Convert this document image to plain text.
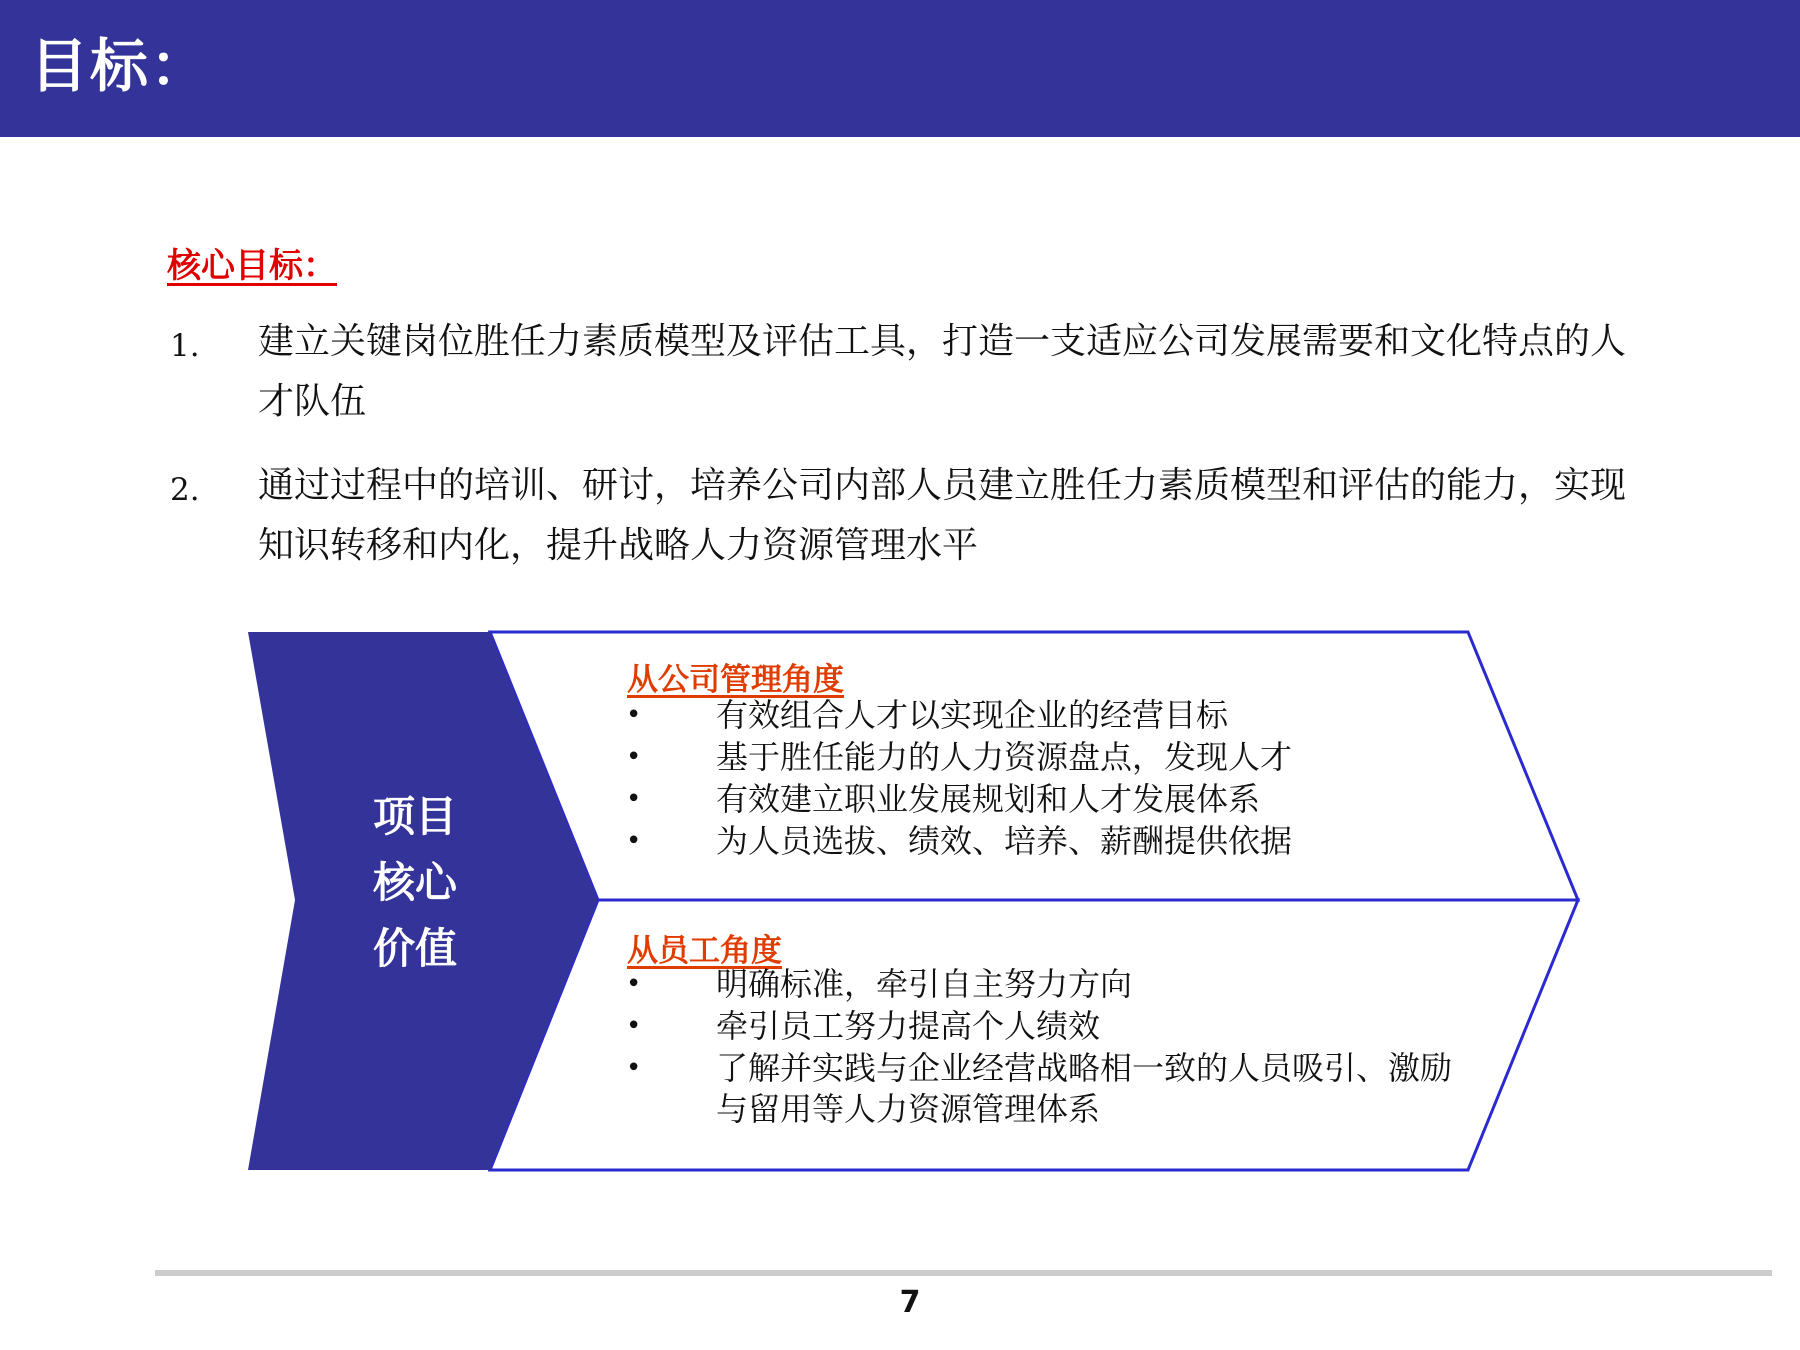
目标：
核心目标：
1. 建立关键岗位胜任力素质模型及评估工具，打造一支适应公司发展需要和文化特点的人才队伍
2. 通过过程中的培训、研讨，培养公司内部人员建立胜任力素质模型和评估的能力，实现知识转移和内化，提升战略人力资源管理水平
项目
核心
价值
从公司管理角度
• 有效组合人才以实现企业的经营目标
• 基于胜任能力的人力资源盘点，发现人才
• 有效建立职业发展规划和人才发展体系
• 为人员选拔、绩效、培养、薪酬提供依据
从员工角度
• 明确标准，牵引自主努力方向
• 牵引员工努力提高个人绩效
• 了解并实践与企业经营战略相一致的人员吸引、激励与留用等人力资源管理体系
7
